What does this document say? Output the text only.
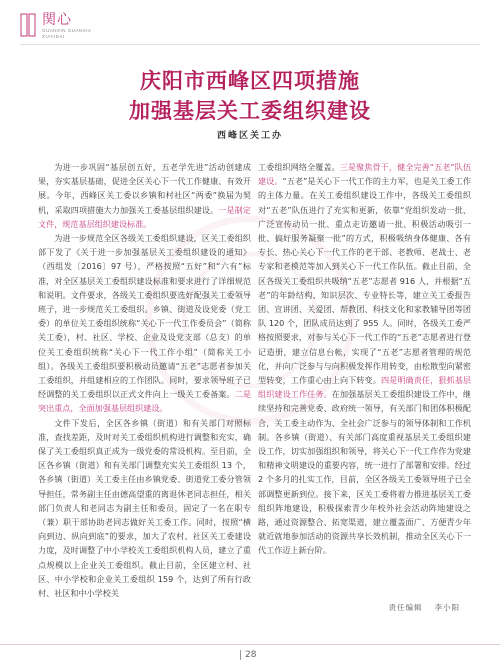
関心
GUANXIN GUANXIA
XIAYIDAI
庆阳市西峰区四项措施
加强基层关工委组织建设
西峰区关工办

为进一步巩固“基层创五好，五老学先进”活动创建成果，夯实基层基础，促进全区关心下一代工作健康、有效开展。今年，西峰区关工委以乡镇和村社区“两委”换届为契机，采取四项措施大力加强关工委基层组织建设。一是制定文件，规范基层组织建设标准。

为进一步规范全区各级关工委组织建设，区关工委组织部下发了《关于进一步加强基层关工委组织建设的通知》（西组发〔2016〕97 号），严格按照“五好”和“六有”标准，对全区基层关工委组织建设标准和要求进行了详细规范和说明。文件要求，各级关工委组织要选好配强关工委领导班子，进一步规范关工委组织。乡镇、街道及设党委（党工委）的单位关工委组织统称“关心下一代工作委员会”（简称关工委），村、社区、学校、企业及设党支部（总支）的单位关工委组织统称“关心下一代工作小组”（简称关工小组）。各级关工委组织要积极动员邀请“五老”志愿者参加关工委组织，并组建相应的工作团队。同时，要求领导班子已经调整的关工委组织以正式文件向上一级关工委备案。二是突出重点，全面加强基层组织建设。

文件下发后，全区各乡镇（街道）和有关部门对照标准，查找差距，及时对关工委组织机构进行调整和充实，确保了关工委组织真正成为一级党委的常设机构。至目前，全区各乡镇（街道）和有关部门调整充实关工委组织 13 个，各乡镇（街道）关工委主任由乡镇党委、街道党工委分管领导担任，常务副主任由德高望重的离退休老同志担任，相关部门负责人和老同志为副主任和委员，固定了一名在职专（兼）职干部协助老同志做好关工委工作。同时，按照“横向到边、纵向到底”的要求，加大了农村、社区关工委建设力度，及时调整了中小学校关工委组织机构人员，建立了重点规模以上企业关工委组织。截止目前，全区建立村、社区、中小学校和企业关工委组织 159 个，达到了所有行政村、社区和中小学校关

工委组织网络全覆盖。三是聚焦骨干，健全完善“五老”队伍建设。“五老”是关心下一代工作的主力军，也是关工委工作的主体力量。在关工委组织建设工作中，各级关工委组织对“五老”队伍进行了充实和更新，依靠“党组织发动一批、广泛宣传动员一批、重点走访邀请一批、积极活动吸引一批、搞好服务凝聚一批”的方式，积极吸纳身体健康、各有专长、热心关心下一代工作的老干部、老教师、老战士、老专家和老模范等加入到关心下一代工作队伍。截止目前，全区各级关工委组织共吸纳“五老”志愿者 916 人，并根据“五老”的年龄结构、知识层次、专业特长等，建立关工委报告团、宣讲团、关爱团、帮教团、科技文化和家教辅导团等团队 120 个，团队成员达到了 955 人。同时，各级关工委严格按照要求，对参与关心下一代工作的“五老”志愿者进行登记造册，建立信息台帐，实现了“五老”志愿者管理的规范化，并向广泛参与与向积极发挥作用转变，由松散型向紧密型转变，工作重心由上向下转变。四是明确责任，狠抓基层组织建设工作任务。在加强基层关工委组织建设工作中，继续坚持和完善党委、政府统一领导，有关部门和团体积极配合，关工委主动作为、全社会广泛参与的领导体制和工作机制。各乡镇（街道）、有关部门高度重视基层关工委组织建设工作，切实加强组织和领导，将关心下一代工作作为党建和精神文明建设的重要内容，统一进行了部署和安排。经过 2 个多月的扎实工作，目前，全区各级关工委领导班子已全部调整更新到位。接下来，区关工委将着力推进基层关工委组织阵地建设，积极探索青少年校外社会活动阵地建设之路，通过资源整合、拓宽渠道，建立覆盖面广、方便青少年就近就地参加活动的资源共享长效机制，推动全区关心下一代工作迈上新台阶。

责任编辑 李小阳
28
